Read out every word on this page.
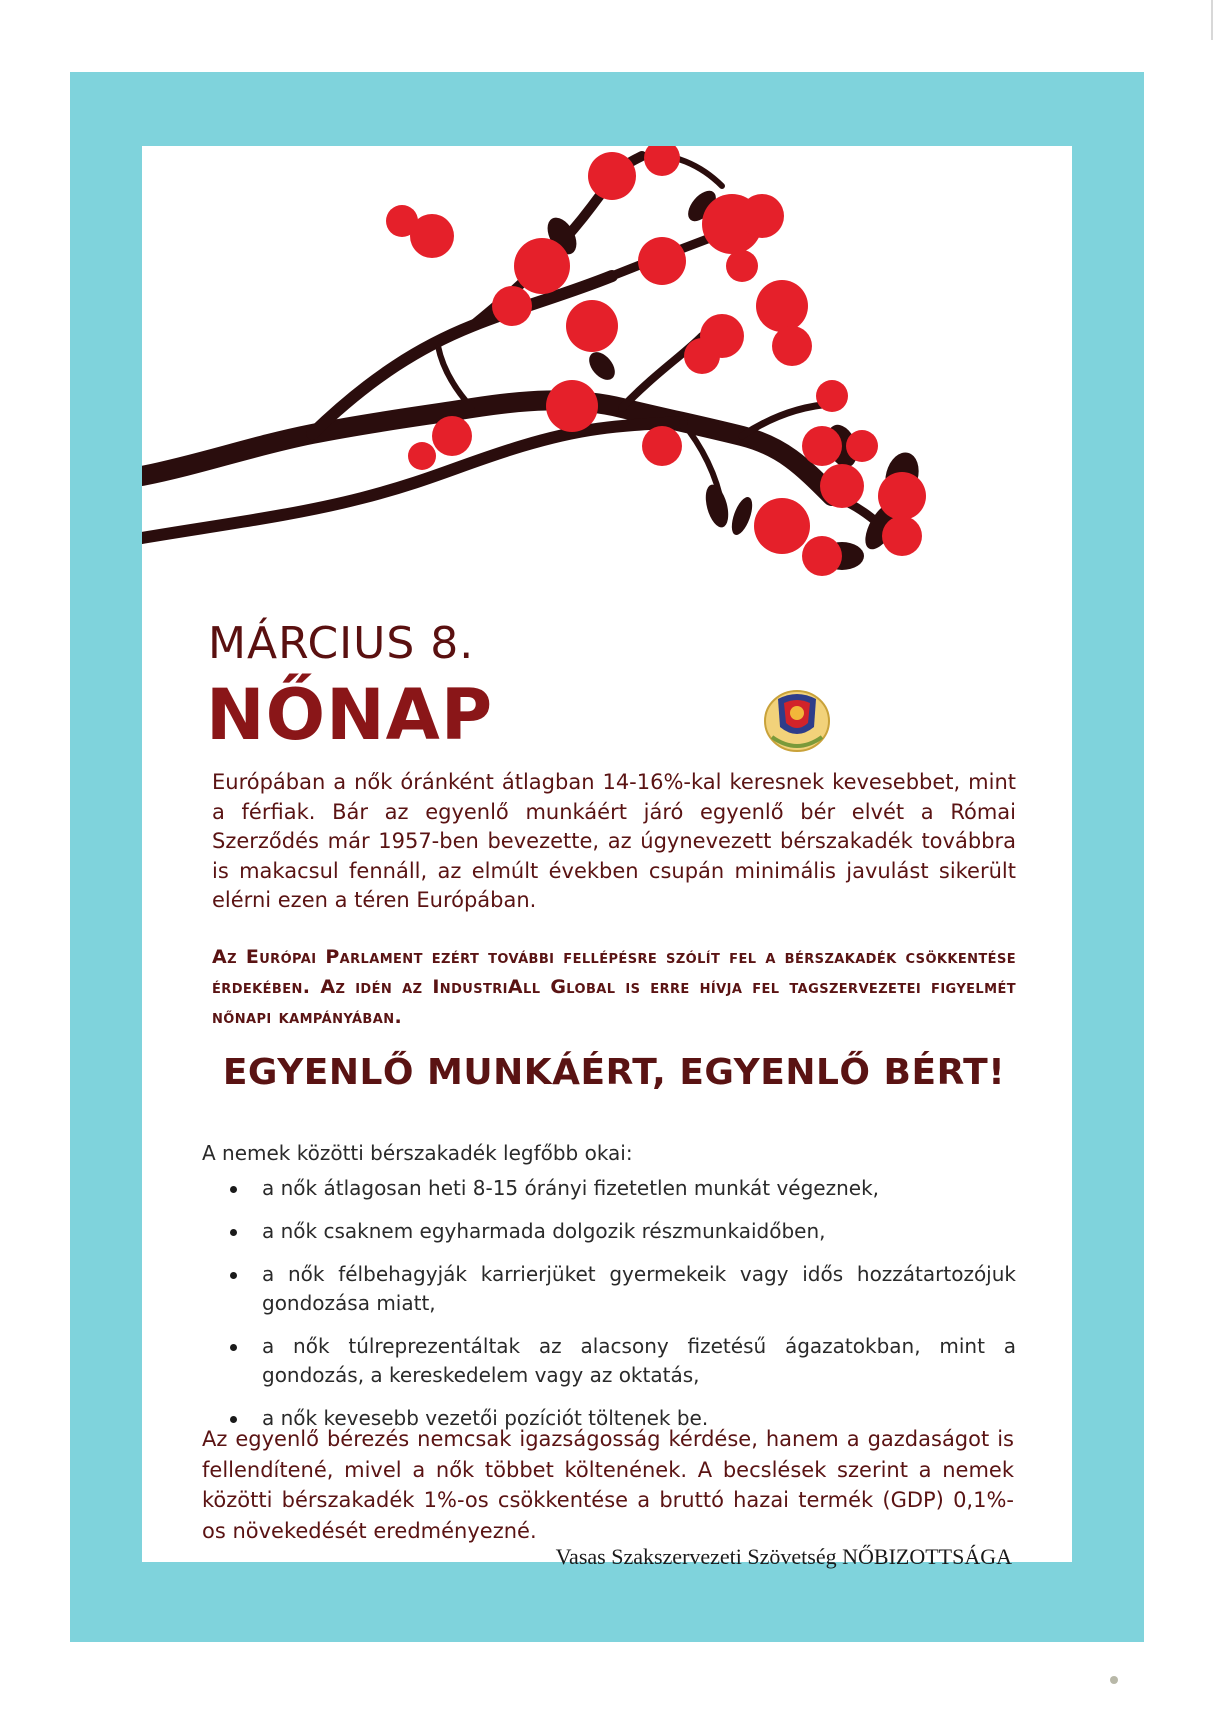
MÁRCIUS 8.
NŐNAP

Európában a nők óránként átlagban 14-16%-kal keresnek kevesebbet, mint a férfiak. Bár az egyenlő munkáért járó egyenlő bér elvét a Római Szerződés már 1957-ben bevezette, az úgynevezett bérszakadék továbbra is makacsul fennáll, az elmúlt években csupán minimális javulást sikerült elérni ezen a téren Európában.

Az Európai Parlament ezért további fellépésre szólít fel a bérszakadék csökkentése érdekében. Az idén az IndustriAll Global is erre hívja fel tagszervezetei figyelmét nőnapi kampányában.

EGYENLŐ MUNKÁÉRT, EGYENLŐ BÉRT!

A nemek közötti bérszakadék legfőbb okai:

a nők átlagosan heti 8-15 órányi fizetetlen munkát végeznek,
a nők csaknem egyharmada dolgozik részmunkaidőben,
a nők félbehagyják karrierjüket gyermekeik vagy idős hozzátartozójuk gondozása miatt,
a nők túlreprezentáltak az alacsony fizetésű ágazatokban, mint a gondozás, a kereskedelem vagy az oktatás,
a nők kevesebb vezetői pozíciót töltenek be.

Az egyenlő bérezés nemcsak igazságosság kérdése, hanem a gazdaságot is fellendítené, mivel a nők többet költenének. A becslések szerint a nemek közötti bérszakadék 1%-os csökkentése a bruttó hazai termék (GDP) 0,1%-os növekedését eredményezné.

Vasas Szakszervezeti Szövetség NŐBIZOTTSÁGA
